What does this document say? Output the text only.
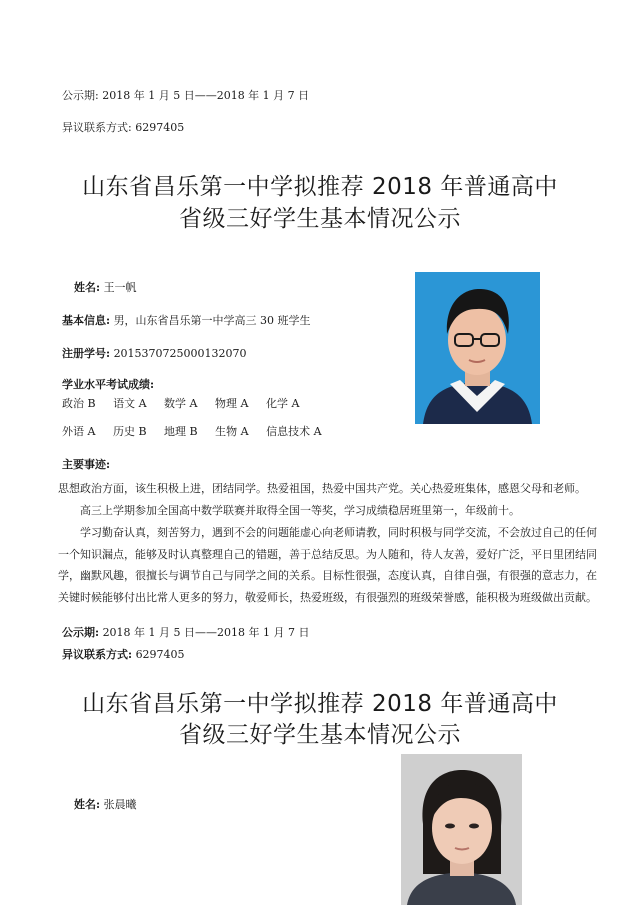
公示期: 2018 年 1 月 5 日——2018 年 1 月 7 日
异议联系方式: 6297405
山东省昌乐第一中学拟推荐 2018 年普通高中
省级三好学生基本情况公示
姓名: 王一帆
基本信息: 男，山东省昌乐第一中学高三 30 班学生
注册学号: 2015370725000132070
学业水平考试成绩:
政治 B 语文 A 数学 A 物理 A 化学 A
外语 A 历史 B 地理 B 生物 A 信息技术 A
主要事迹:
思想政治方面，该生积极上进，团结同学。热爱祖国，热爱中国共产党。关心热爱班集体，感恩父母和老师。
高三上学期参加全国高中数学联赛并取得全国一等奖，学习成绩稳居班里第一，年级前十。
学习勤奋认真，刻苦努力，遇到不会的问题能虚心向老师请教，同时积极与同学交流，不会放过自己的任何一个知识漏点，能够及时认真整理自己的错题，善于总结反思。为人随和，待人友善，爱好广泛，平日里团结同学，幽默风趣，很擅长与调节自己与同学之间的关系。目标性很强，态度认真，自律自强，有很强的意志力，在关键时候能够付出比常人更多的努力，敬爱师长，热爱班级，有很强烈的班级荣誉感，能积极为班级做出贡献。
公示期: 2018 年 1 月 5 日——2018 年 1 月 7 日
异议联系方式: 6297405
山东省昌乐第一中学拟推荐 2018 年普通高中
省级三好学生基本情况公示
姓名: 张晨曦
